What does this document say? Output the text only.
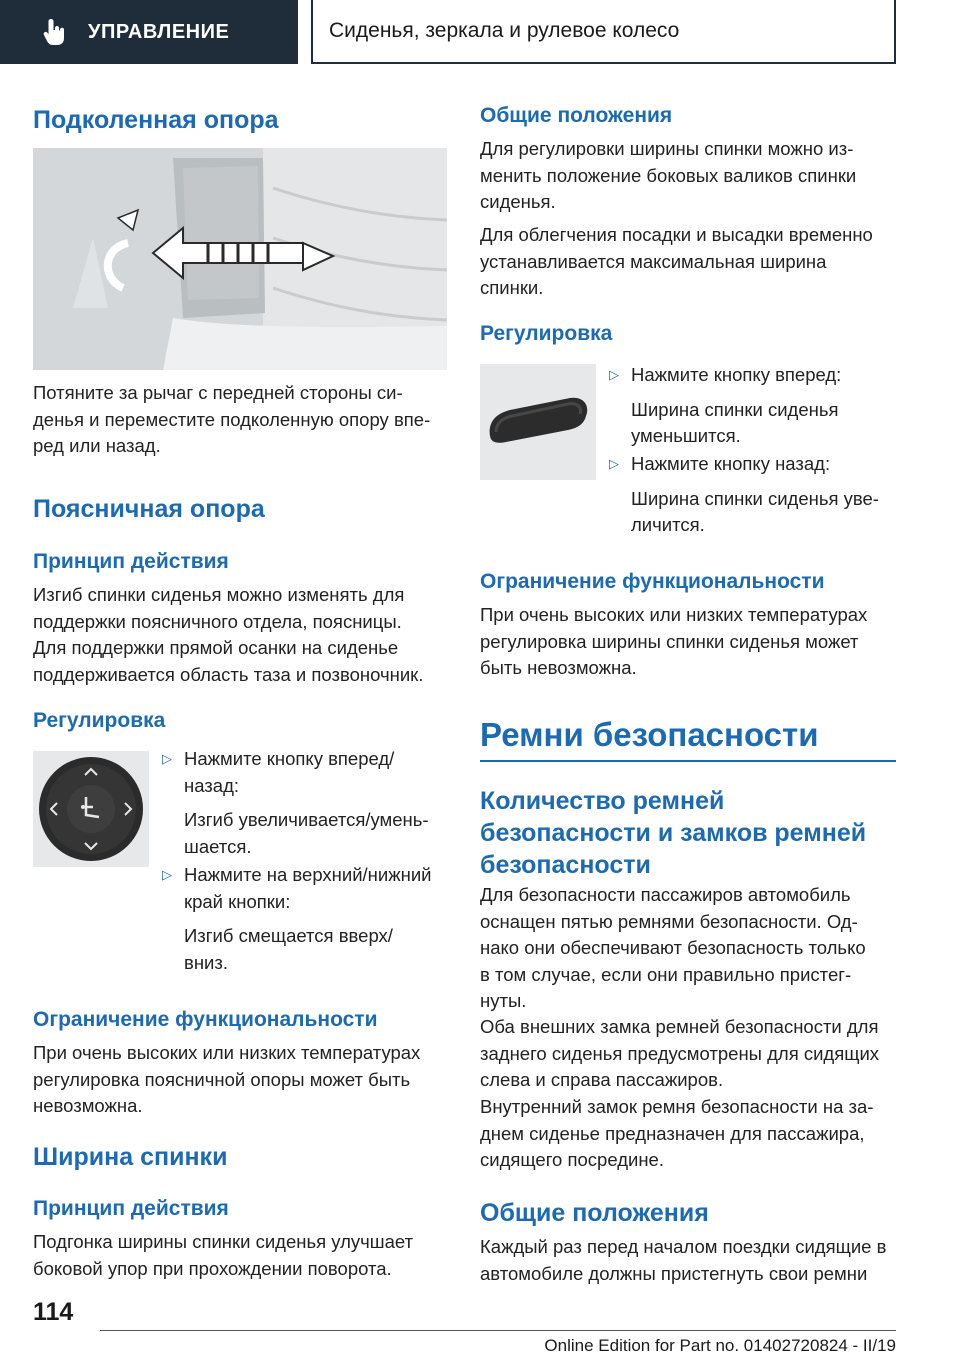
УПРАВЛЕНИЕ	Сиденья, зеркала и рулевое колесо
Подколенная опора

Потяните за рычаг с передней стороны си-
денья и переместите подколенную опору впе-
ред или назад.

Поясничная опора
Принцип действия

Изгиб спинки сиденья можно изменять для
поддержки поясничного отдела, поясницы.
Для поддержки прямой осанки на сиденье
поддерживается область таза и позвоночник.

Регулировка
▷ Нажмите кнопку вперед/
назад:
Изгиб увеличивается/умень-
шается.
▷ Нажмите на верхний/нижний
край кнопки:
Изгиб смещается вверх/
вниз.
Ограничение функциональности

При очень высоких или низких температурах
регулировка поясничной опоры может быть
невозможна.

Ширина спинки
Принцип действия

Подгонка ширины спинки сиденья улучшает
боковой упор при прохождении поворота.

Общие положения

Для регулировки ширины спинки можно из-
менить положение боковых валиков спинки
сиденья.

Для облегчения посадки и высадки временно
устанавливается максимальная ширина
спинки.

Регулировка
▷ Нажмите кнопку вперед:
Ширина спинки сиденья
уменьшится.
▷ Нажмите кнопку назад:
Ширина спинки сиденья уве-
личится.
Ограничение функциональности

При очень высоких или низких температурах
регулировка ширины спинки сиденья может
быть невозможна.

Ремни безопасности
Количество ремней
безопасности и замков ремней
безопасности

Для безопасности пассажиров автомобиль
оснащен пятью ремнями безопасности. Од-
нако они обеспечивают безопасность только
в том случае, если они правильно пристег-
нуты.

Оба внешних замка ремней безопасности для
заднего сиденья предусмотрены для сидящих
слева и справа пассажиров.

Внутренний замок ремня безопасности на за-
днем сиденье предназначен для пассажира,
сидящего посредине.

Общие положения

Каждый раз перед началом поездки сидящие в
автомобиле должны пристегнуть свои ремни

114
Online Edition for Part no. 01402720824 - II/19
